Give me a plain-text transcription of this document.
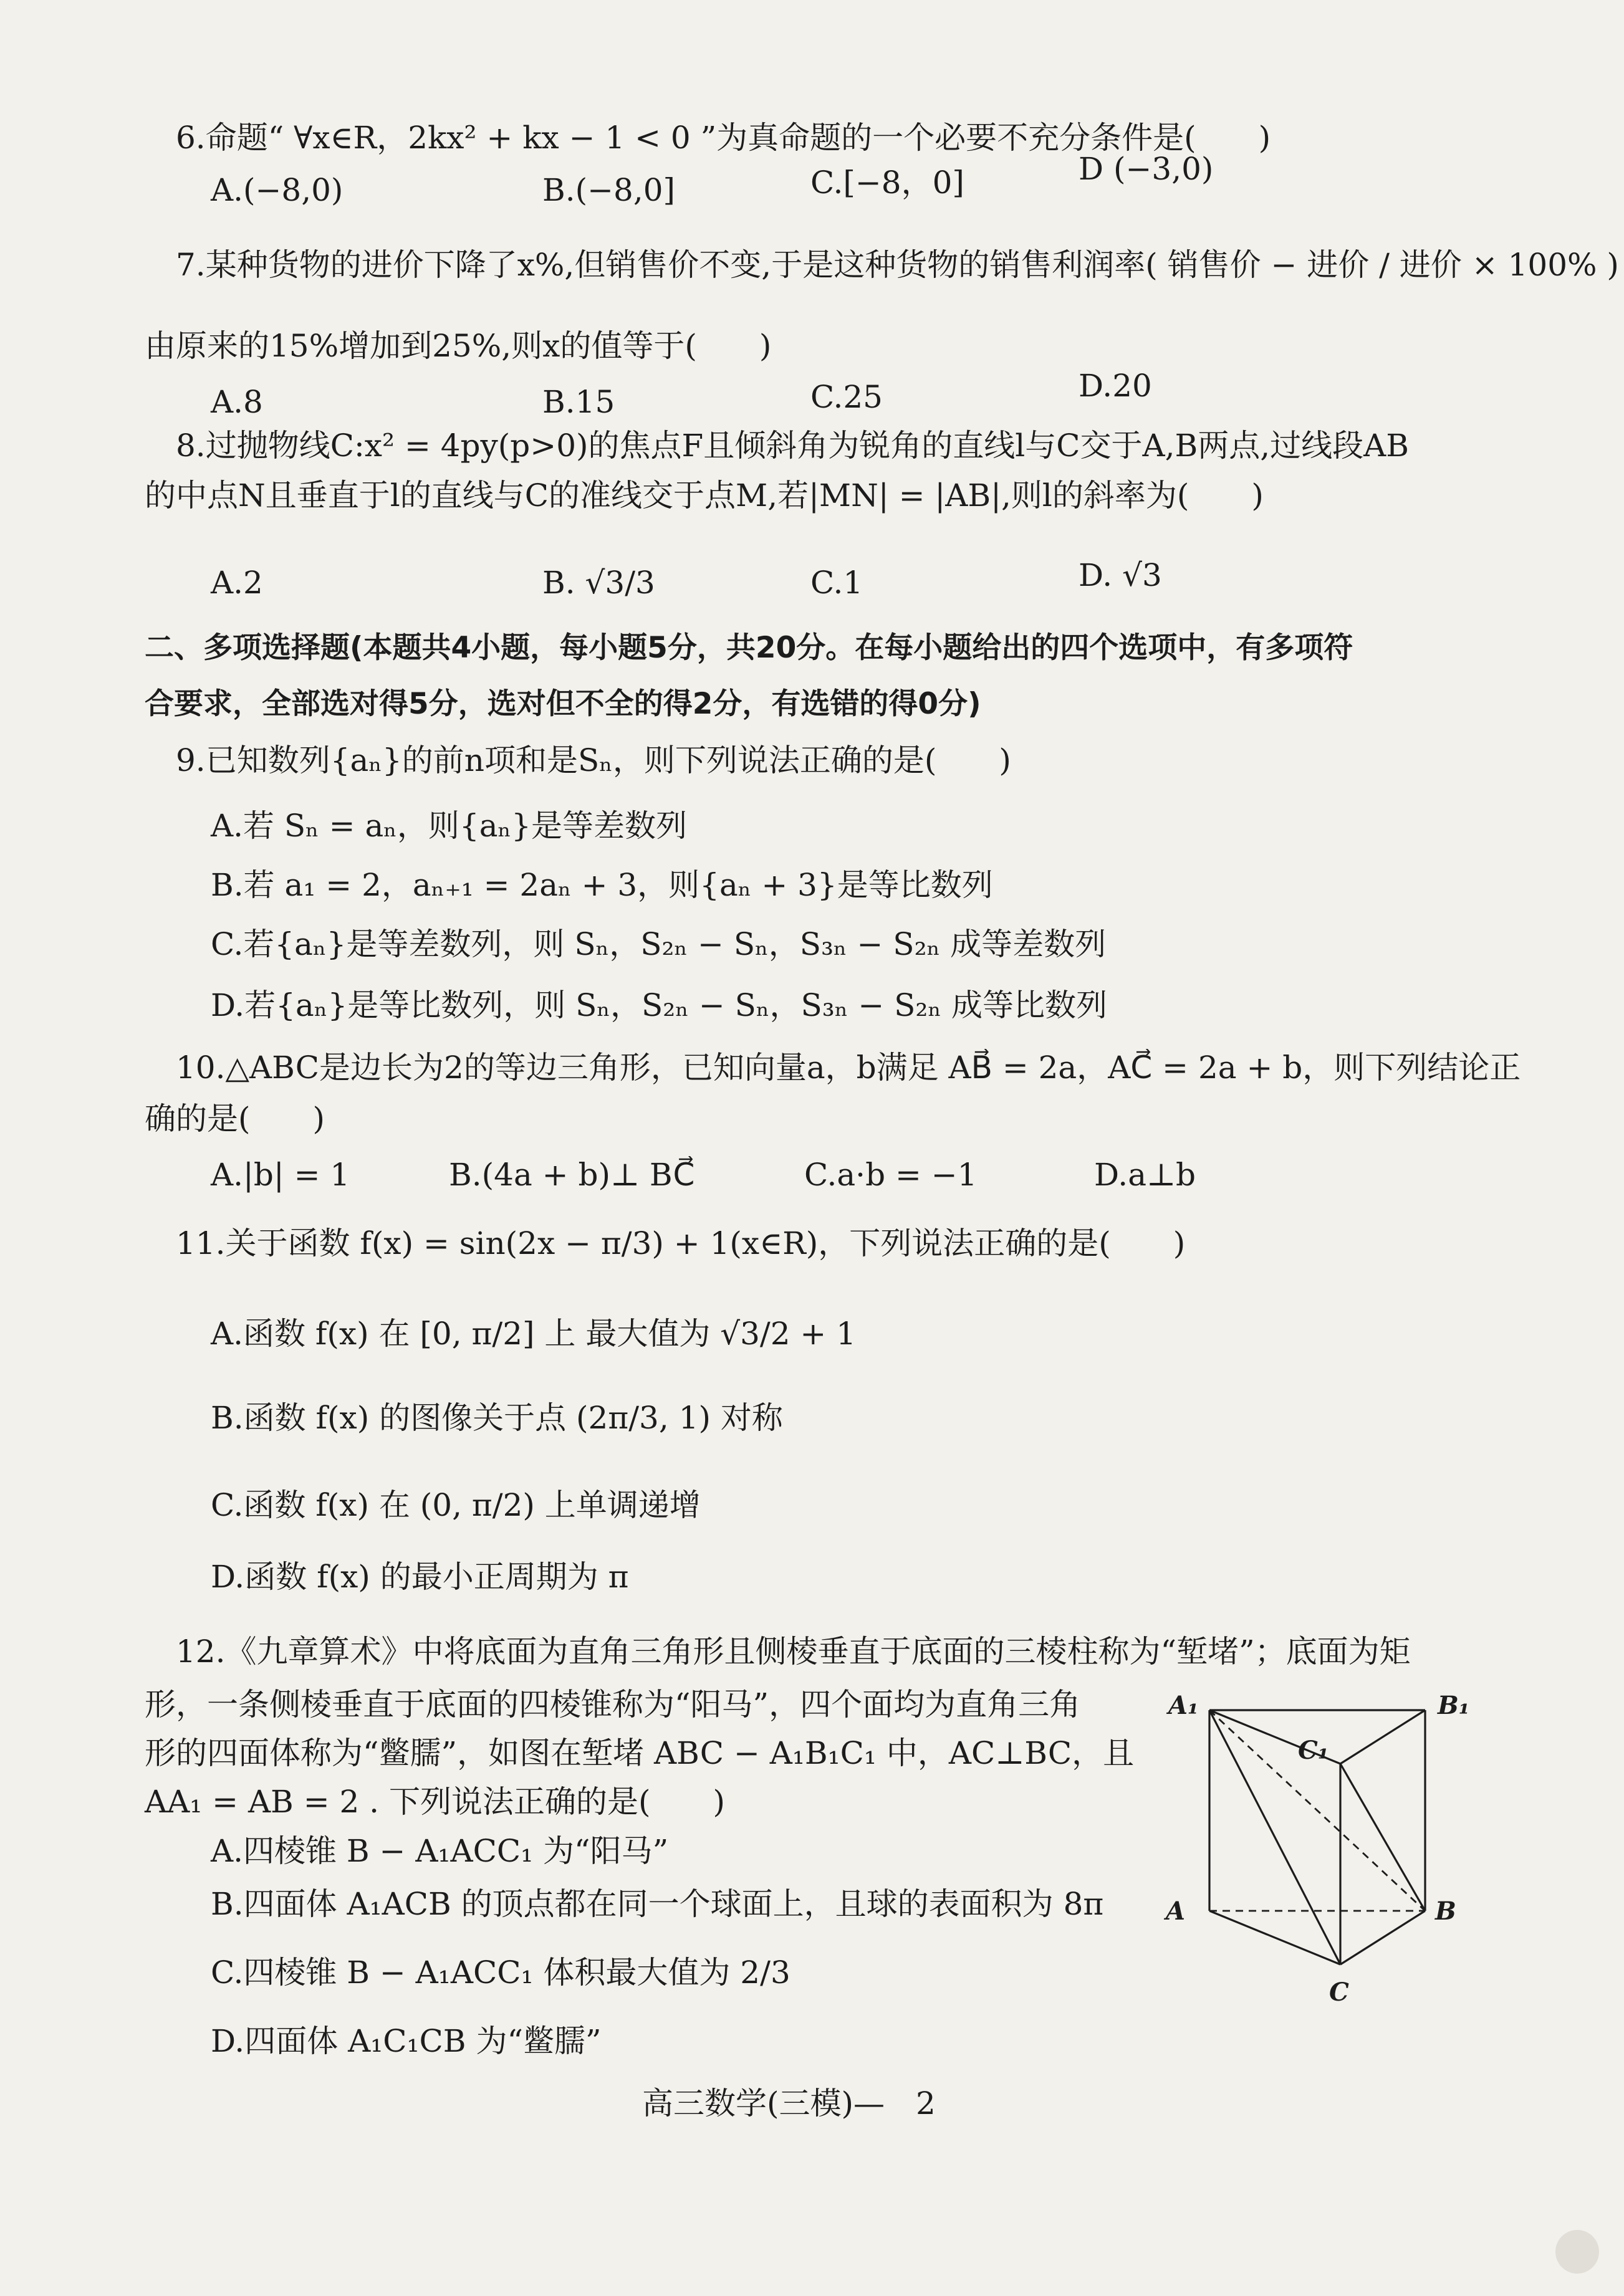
6.命题“ ∀x∈R，2kx² + kx − 1 < 0 ”为真命题的一个必要不充分条件是(　　)
A.(−8,0)	B.(−8,0]	C.[−8，0]	D (−3,0)
7.某种货物的进价下降了x%,但销售价不变,于是这种货物的销售利润率( 销售价 − 进价 / 进价 × 100% )
由原来的15%增加到25%,则x的值等于(　　)
A.8	B.15	C.25	D.20
8.过抛物线C:x² = 4py(p>0)的焦点F且倾斜角为锐角的直线l与C交于A,B两点,过线段AB
的中点N且垂直于l的直线与C的准线交于点M,若|MN| = |AB|,则l的斜率为(　　)
A.2	B. √3/3	C.1	D. √3
二、多项选择题(本题共4小题，每小题5分，共20分。在每小题给出的四个选项中，有多项符
合要求，全部选对得5分，选对但不全的得2分，有选错的得0分)
9.已知数列{aₙ}的前n项和是Sₙ，则下列说法正确的是(　　)
A.若 Sₙ = aₙ，则{aₙ}是等差数列
B.若 a₁ = 2，aₙ₊₁ = 2aₙ + 3，则{aₙ + 3}是等比数列
C.若{aₙ}是等差数列，则 Sₙ，S₂ₙ − Sₙ，S₃ₙ − S₂ₙ 成等差数列
D.若{aₙ}是等比数列，则 Sₙ，S₂ₙ − Sₙ，S₃ₙ − S₂ₙ 成等比数列
10.△ABC是边长为2的等边三角形，已知向量a，b满足 AB⃗ = 2a，AC⃗ = 2a + b，则下列结论正
确的是(　　)
A.|b| = 1	B.(4a + b)⊥ BC⃗	C.a·b = −1	D.a⊥b
11.关于函数 f(x) = sin(2x − π/3) + 1(x∈R)，下列说法正确的是(　　)
A.函数 f(x) 在 [0, π/2] 上 最大值为 √3/2 + 1
B.函数 f(x) 的图像关于点 (2π/3, 1) 对称
C.函数 f(x) 在 (0, π/2) 上单调递增
D.函数 f(x) 的最小正周期为 π
12.《九章算术》中将底面为直角三角形且侧棱垂直于底面的三棱柱称为“堑堵”；底面为矩
形，一条侧棱垂直于底面的四棱锥称为“阳马”，四个面均为直角三角
形的四面体称为“鳖臑”，如图在堑堵 ABC − A₁B₁C₁ 中，AC⊥BC，且
AA₁ = AB = 2 . 下列说法正确的是(　　)
A.四棱锥 B − A₁ACC₁ 为“阳马”
B.四面体 A₁ACB 的顶点都在同一个球面上，且球的表面积为 8π
C.四棱锥 B − A₁ACC₁ 体积最大值为 2/3
D.四面体 A₁C₁CB 为“鳖臑”
A₁	B₁
C₁
A	B
C
高三数学(三模)—　2
